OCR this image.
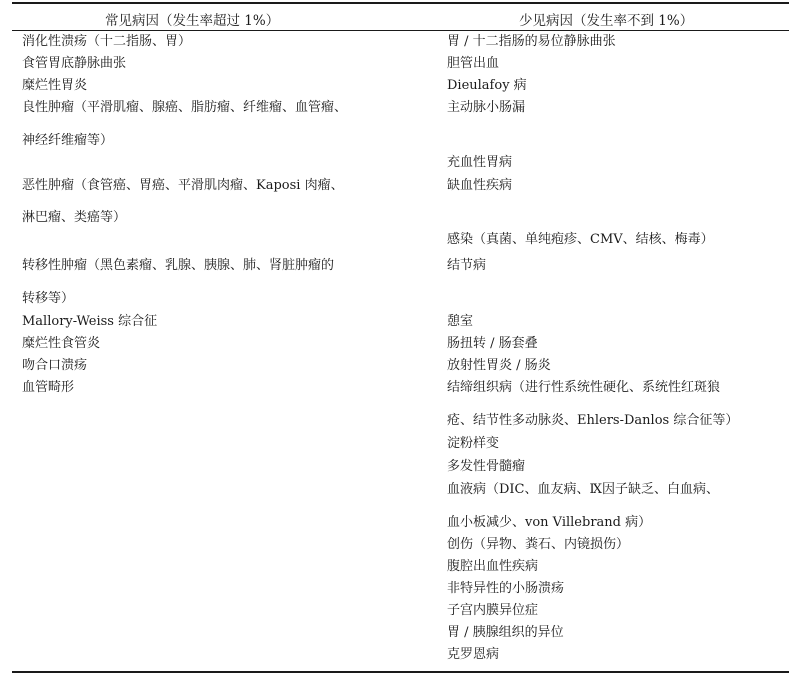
常见病因（发生率超过 1%）	少见病因（发生率不到 1%）
消化性溃疡（十二指肠、胃）
食管胃底静脉曲张
糜烂性胃炎
良性肿瘤（平滑肌瘤、腺癌、脂肪瘤、纤维瘤、血管瘤、
神经纤维瘤等）
恶性肿瘤（食管癌、胃癌、平滑肌肉瘤、Kaposi 肉瘤、
淋巴瘤、类癌等）
转移性肿瘤（黑色素瘤、乳腺、胰腺、肺、肾脏肿瘤的
转移等）
Mallory-Weiss 综合征
糜烂性食管炎
吻合口溃疡
血管畸形
胃 / 十二指肠的易位静脉曲张
胆管出血
Dieulafoy 病
主动脉小肠漏
充血性胃病
缺血性疾病
感染（真菌、单纯疱疹、CMV、结核、梅毒）
结节病
憩室
肠扭转 / 肠套叠
放射性胃炎 / 肠炎
结缔组织病（进行性系统性硬化、系统性红斑狼
疮、结节性多动脉炎、Ehlers-Danlos 综合征等）
淀粉样变
多发性骨髓瘤
血液病（DIC、血友病、Ⅸ因子缺乏、白血病、
血小板减少、von Villebrand 病）
创伤（异物、粪石、内镜损伤）
腹腔出血性疾病
非特异性的小肠溃疡
子宫内膜异位症
胃 / 胰腺组织的异位
克罗恩病
